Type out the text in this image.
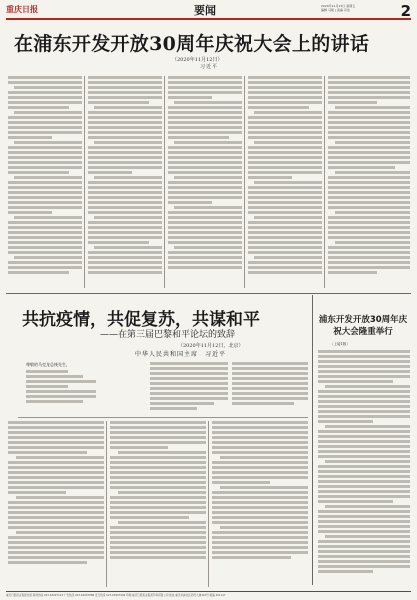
重庆日报	要闻	2020年11月13日 星期五
编辑 马联 | 美编 冯洁	2
在浦东开发开放30周年庆祝大会上的讲话
（2020年11月12日）
习近平
共抗疫情，共促复苏，共谋和平
——在第三届巴黎和平论坛的致辞
（2020年11月12日，北京）
中华人民共和国主席　习近平
尊敬的马克龙总统先生，
浦东开发开放30周年庆祝大会隆重举行
（上接1版）
重庆日报报业集团出版 新闻热线 023-63907123 广告热线 023-63907888 发行热线 023-63907999 印刷 重庆日报报业集团印务有限公司 地址 重庆市渝北区同茂大道416号 邮编 401147
